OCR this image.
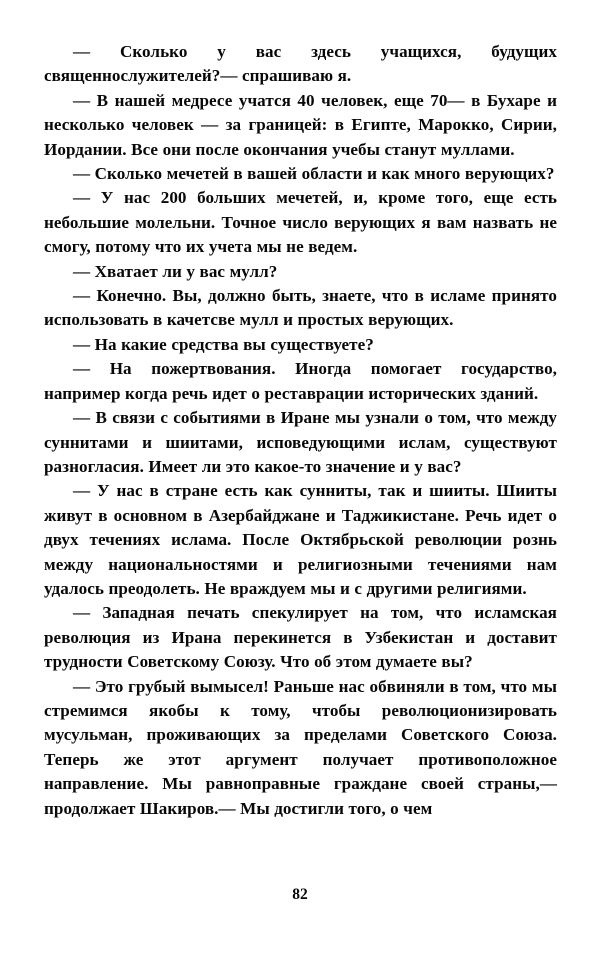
— Сколько у вас здесь учащихся, будущих священнослужителей?— спрашиваю я.

— В нашей медресе учатся 40 человек, еще 70— в Бухаре и несколько человек — за границей: в Египте, Марокко, Сирии, Иордании. Все они после окончания учебы станут муллами.

— Сколько мечетей в вашей области и как много верующих?

— У нас 200 больших мечетей, и, кроме того, еще есть небольшие молельни. Точное число верующих я вам назвать не смогу, потому что их учета мы не ведем.

— Хватает ли у вас мулл?

— Конечно. Вы, должно быть, знаете, что в исламе принято использовать в качетсве мулл и простых верующих.

— На какие средства вы существуете?

— На пожертвования. Иногда помогает государство, например когда речь идет о реставрации исторических зданий.

— В связи с событиями в Иране мы узнали о том, что между суннитами и шиитами, исповедующими ислам, существуют разногласия. Имеет ли это какое-то значение и у вас?

— У нас в стране есть как сунниты, так и шииты. Шииты живут в основном в Азербайджане и Таджикистане. Речь идет о двух течениях ислама. После Октябрьской революции рознь между национальностями и религиозными течениями нам удалось преодолеть. Не враждуем мы и с другими религиями.

— Западная печать спекулирует на том, что исламская революция из Ирана перекинется в Узбекистан и доставит трудности Советскому Союзу. Что об этом думаете вы?

— Это грубый вымысел! Раньше нас обвиняли в том, что мы стремимся якобы к тому, чтобы революционизировать мусульман, проживающих за пределами Советского Союза. Теперь же этот аргумент получает противоположное направление. Мы равноправные граждане своей страны,— продолжает Шакиров.— Мы достигли того, о чем

82
